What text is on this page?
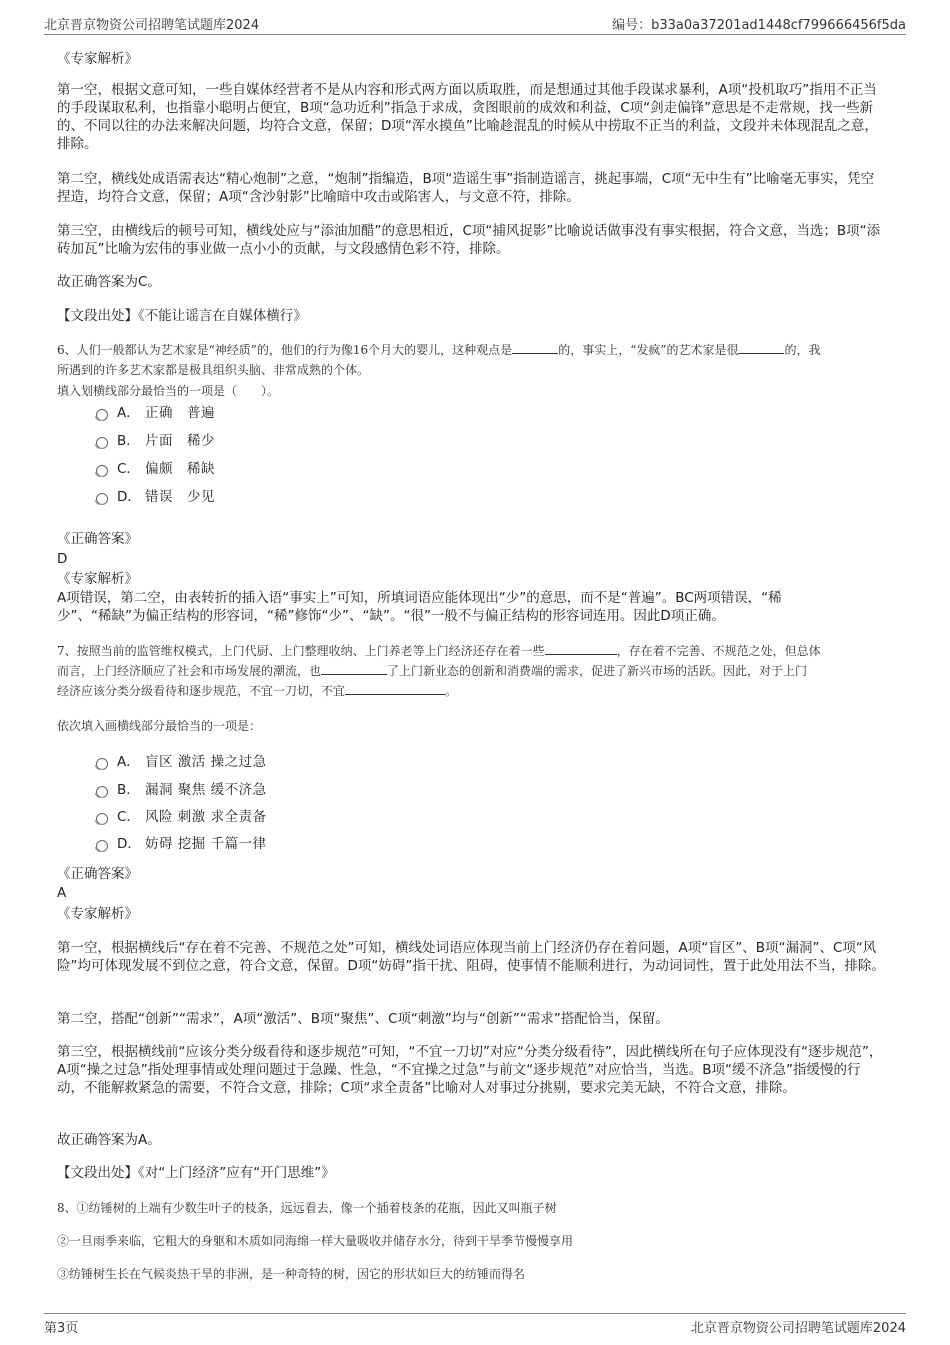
北京晋京物资公司招聘笔试题库2024	编号：b33a0a37201ad1448cf799666456f5da

《专家解析》

第一空，根据文意可知，一些自媒体经营者不是从内容和形式两方面以质取胜，而是想通过其他手段谋求暴利，A项“投机取巧”指用不正当的手段谋取私利，也指靠小聪明占便宜，B项“急功近利”指急于求成，贪图眼前的成效和利益，C项“剑走偏锋”意思是不走常规，找一些新的、不同以往的办法来解决问题，均符合文意，保留；D项“浑水摸鱼”比喻趁混乱的时候从中捞取不正当的利益，文段并未体现混乱之意，排除。

第二空，横线处成语需表达“精心炮制”之意，“炮制”指编造，B项“造谣生事”指制造谣言，挑起事端，C项“无中生有”比喻毫无事实，凭空捏造，均符合文意，保留；A项“含沙射影”比喻暗中攻击或陷害人，与文意不符，排除。

第三空，由横线后的顿号可知，横线处应与“添油加醋”的意思相近，C项“捕风捉影”比喻说话做事没有事实根据，符合文意，当选；B项“添砖加瓦”比喻为宏伟的事业做一点小小的贡献，与文段感情色彩不符，排除。

故正确答案为C。

【文段出处】《不能让谣言在自媒体横行》

6、人们一般都认为艺术家是“神经质”的，他们的行为像16个月大的婴儿，这种观点是	的，事实上，“发疯”的艺术家是很	的，我
所遇到的许多艺术家都是极具组织头脑、非常成熟的个体。

填入划横线部分最恰当的一项是（　　）。

A． 正确　普遍
B． 片面　稀少
C． 偏颇　稀缺
D． 错误　少见

《正确答案》

D

《专家解析》

A项错误，第二空，由表转折的插入语“事实上”可知，所填词语应能体现出“少”的意思，而不是“普遍”。BC两项错误，“稀
少”、“稀缺”为偏正结构的形容词，“稀”修饰“少”、“缺”。“很”一般不与偏正结构的形容词连用。因此D项正确。

7、按照当前的监管维权模式，上门代厨、上门整理收纳、上门养老等上门经济还存在着一些	，存在着不完善、不规范之处，但总体
而言，上门经济顺应了社会和市场发展的潮流，也	了上门新业态的创新和消费端的需求，促进了新兴市场的活跃。因此，对于上门
经济应该分类分级看待和逐步规范，不宜一刀切，不宜	。

依次填入画横线部分最恰当的一项是：

A． 盲区 激活 操之过急
B． 漏洞 聚焦 缓不济急
C． 风险 刺激 求全责备
D． 妨碍 挖掘 千篇一律

《正确答案》

A

《专家解析》

第一空，根据横线后“存在着不完善、不规范之处”可知，横线处词语应体现当前上门经济仍存在着问题，A项“盲区”、B项“漏洞”、C项“风险”均可体现发展不到位之意，符合文意，保留。D项“妨碍”指干扰、阻碍，使事情不能顺利进行，为动词词性，置于此处用法不当，排除。

第二空，搭配“创新”“需求”，A项“激活”、B项“聚焦”、C项“刺激”均与“创新”“需求”搭配恰当，保留。

第三空，根据横线前“应该分类分级看待和逐步规范”可知，“不宜一刀切”对应“分类分级看待”，因此横线所在句子应体现没有“逐步规范”，A项“操之过急”指处理事情或处理问题过于急躁、性急，“不宜操之过急”与前文“逐步规范”对应恰当，当选。B项“缓不济急”指缓慢的行动，不能解救紧急的需要，不符合文意，排除；C项“求全责备”比喻对人对事过分挑剔，要求完美无缺，不符合文意，排除。

故正确答案为A。

【文段出处】《对“上门经济”应有“开门思维”》

8、①纺锤树的上端有少数生叶子的枝条，远远看去，像一个插着枝条的花瓶，因此又叫瓶子树

②一旦雨季来临，它粗大的身躯和木质如同海绵一样大量吸收并储存水分，待到干旱季节慢慢享用

③纺锤树生长在气候炎热干旱的非洲，是一种奇特的树，因它的形状如巨大的纺锤而得名

第3页	北京晋京物资公司招聘笔试题库2024
